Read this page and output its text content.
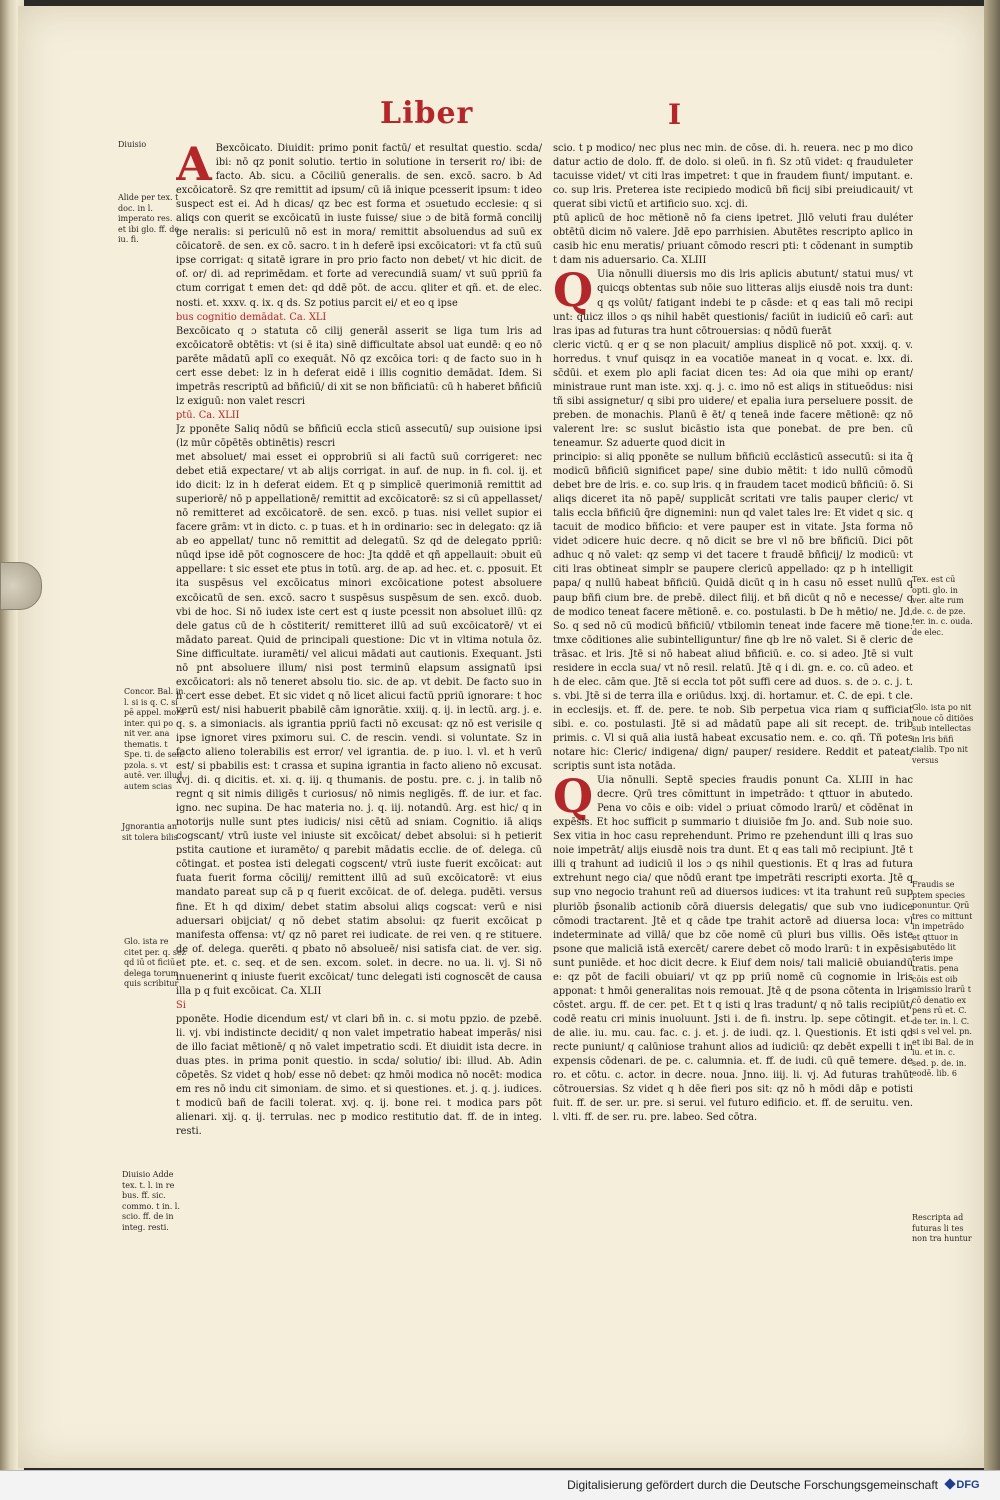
Liber	I
A Bexcōicato. Diuidit: primo ponit factū/ et resultat questio. scda/ ibi: nō qz ponit solutio. tertio in solutione in terserit ro/ ibi: de facto. Ab. sicu. a Cōciliū generalis. de sen. excō. sacro. b Ad excōicatorē. Sz qre remittit ad ipsum/ cū iā inique pcesserit ipsum: t ideo suspect est ei. Ad h dicas/ qz bec est forma et ɔsuetudo ecclesie: q si aliqs con querit se excōicatū in iuste fuisse/ siue ɔ de bitā formā concilij ge neralis: si periculū nō est in mora/ remittit absoluendus ad suū ex cōicatorē. de sen. ex cō. sacro. t in h deferē ipsi excōicatori: vt fa ctū suū ipse corrigat: q sitatē igrare in pro prio facto non debet/ vt hic dicit. de of. or/ di. ad reprimēdam. et forte ad verecundiā suam/ vt suū ppriū fa ctum corrigat t emen det: qd ddē pōt. de accu. qliter et qñ. et. de elec. nosti. et. xxxv. q. ix. q ds. Sz potius parcit ei/ et eo q ipse
bus cognitio demādat. Ca. XLI
Bexcōicato q ɔ statuta cō cilij generāl asserit se liga tum lris ad excōicatorē obtētis: vt (si ē ita) sinē difficultate absol uat eundē: q eo nō parēte mādatū aplī co exequāt. Nō qz excōica tori: q de facto suo in h cert esse debet: lz in h deferat eidē i illis cognitio demādat. Idem. Si impetrās rescriptū ad bñficiū/ di xit se non bñficiatū: cū h haberet bñficiū lz exiguū: non valet rescri
ptū. Ca. XLII
Jz pponēte Saliq nōdū se bñficiū eccla sticū assecutū/ sup ɔuisione ipsi (lz mūr cōpētēs obtinētis) rescri
met absoluet/ mai esset ei opprobriū si ali factū suū corrigeret: nec debet etiā expectare/ vt ab alijs corrigat. in auf. de nup. in fi. col. ij. et ido dicit: lz in h deferat eidem. Et q p simplicē querimoniā remittit ad superiorē/ nō p appellationē/ remittit ad excōicatorē: sz si cū appellasset/ nō remitteret ad excōicatorē. de sen. excō. p tuas. nisi vellet supior ei facere grām: vt in dicto. c. p tuas. et h in ordinario: sec in delegato: qz iā ab eo appellat/ tunc nō remittit ad delegatū. Sz qd de delegato ppriū: nūqd ipse idē pōt cognoscere de hoc: Jta qddē et qñ appellauit: ɔbuit eū appellare: t sic esset ete ptus in totū. arg. de ap. ad hec. et. c. pposuit. Et ita suspēsus vel excōicatus minori excōicatione potest absoluere excōicatū de sen. excō. sacro t suspēsus suspēsum de sen. excō. duob. vbi de hoc. Si nō iudex iste cert est q iuste pcessit non absoluet illū: qz dele gatus cū de h cōstiterit/ remitteret illū ad suū excōicatorē/ vt ei mādato pareat. Quid de principali questione: Dic vt in vltima notula ōz. Sine difficultate. iuramēti/ vel alicui mādati aut cautionis. Exequant. Jsti nō pnt absoluere illum/ nisi post terminū elapsum assignatū ipsi excōicatori: als nō teneret absolu tio. sic. de ap. vt debit. De facto suo in h cert esse debet. Et sic videt q nō licet alicui factū ppriū ignorare: t hoc verū est/ nisi habuerit pbabilē cām ignorātie. xxiij. q. ij. in lectū. arg. j. e. q. s. a simoniacis. als igrantia ppriū facti nō excusat: qz nō est verisile q ipse ignoret vires pximoru sui. C. de rescin. vendi. si voluntate. Sz in facto alieno tolerabilis est error/ vel igrantia. de. p iuo. l. vl. et h verū est/ si pbabilis est: t crassa et supina igrantia in facto alieno nō excusat. xvj. di. q dicitis. et. xi. q. iij. q thumanis. de postu. pre. c. j. in talib nō regnt q sit nimis diligēs t curiosus/ nō nimis negligēs. ff. de iur. et fac. igno. nec supina. De hac materia no. j. q. iij. notandū. Arg. est hic/ q in notorijs nulle sunt ptes iudicis/ nisi cētū ad sniam. Cognitio. iā aliqs cogscant/ vtrū iuste vel iniuste sit excōicat/ debet absolui: si h petierit pstita cautione et iuramēto/ q parebit mādatis ecclie. de of. delega. cū cōtingat. et postea isti delegati cogscent/ vtrū iuste fuerit excōicat: aut fuata fuerit forma cōcilij/ remittent illū ad suū excōicatorē: vt eius mandato pareat sup cā p q fuerit excōicat. de of. delega. pudēti. versus fine. Et h qd dixim/ debet statim absolui aliqs cogscat: verū e nisi aduersari obijciat/ q nō debet statim absolui: qz fuerit excōicat p manifesta offensa: vt/ qz nō paret rei iudicate. de rei ven. q re stituere. de of. delega. querēti. q pbato nō absolueē/ nisi satisfa ciat. de ver. sig. et pte. et. c. seq. et de sen. excom. solet. in decre. no ua. li. vj. Si nō inuenerint q iniuste fuerit excōicat/ tunc delegati isti cognoscēt de causa illa p q fuit excōicat. Ca. XLII
Si
pponēte. Hodie dicendum est/ vt clari bñ in. c. si motu ppzio. de pzebē. li. vj. vbi indistincte decidit/ q non valet impetratio habeat imperās/ nisi de illo faciat mētionē/ q nō valet impetratio scdi. Et diuidit ista decre. in duas ptes. in prima ponit questio. in scda/ solutio/ ibi: illud. Ab. Adin cōpetēs. Sz videt q hob/ esse nō debet: qz hmōi modica nō nocēt: modica em res nō indu cit simoniam. de simo. et si questiones. et. j. q. j. iudices. t modicū bañ de facili tolerat. xvj. q. ij. bone rei. t modica pars pōt alienari. xij. q. ij. terrulas. nec p modico restitutio dat. ff. de in integ. resti.
scio. t p modico/ nec plus nec min. de cōse. di. h. reuera. nec p mo dico datur actio de dolo. ff. de dolo. si oleū. in fi. Sz ɔtū videt: q frauduleter tacuisse videt/ vt citi lras impetret: t que in fraudem fiunt/ imputant. e. co. sup lris. Preterea iste recipiedo modicū bñ ficij sibi preiudicauit/ vt querat sibi victū et artificio suo. xcj. di.
ptū aplicū de hoc mētionē nō fa ciens ipetret. Jllō veluti frau duléter obtētū dicim nō valere. Jdē epo parrhisien. Abutētes rescripto aplico in casib hic enu meratis/ priuant cōmodo rescri pti: t cōdenant in sumptib t dam nis aduersario. Ca. XLIII
Q Uia nōnulli diuersis mo dis lris aplicis abutunt/ statui mus/ vt quicqs obtentas sub nōie suo litteras alijs eiusdē nois tra dunt: q qs volūt/ fatigant indebi te p cāsde: et q eas tali mō recipi unt: quicz illos ɔ qs nihil habēt questionis/ faciūt in iudiciū eō carī: aut lras ipas ad futuras tra hunt cōtrouersias: q nōdū fuerāt
cleric victū. q er q se non placuit/ amplius displicē nō pot. xxxij. q. v. horredus. t vnuf quisqz in ea vocatiōe maneat in q vocat. e. lxx. di. sc̄dūi. et exem plo apli faciat dicen tes: Ad oia que mihi op erant/ ministraue runt man iste. xxj. q. j. c. imo nō est aliqs in stitueōdus: nisi tñ sibi assignetur/ q sibi pro uidere/ et epalia iura perseluere possit. de preben. de monachis. Planū ē ēt/ q teneā inde facere mētionē: qz nō valerent lre: sc suslut bicāstio ista que ponebat. de pre ben. cū teneamur. Sz aduerte quod dicit in
principio: si aliq pponēte se nullum bñficiū ecclāsticū assecutū: si ita q̄ modicū bñficiū significet pape/ sine dubio mētit: t ido nullū cōmodū debet bre de lris. e. co. sup lris. q in fraudem tacet modicū bñficiū: ō. Si aliqs diceret ita nō papē/ supplicāt scritati vre talis pauper cleric/ vt talis eccla bñficiū q̄re dignemini: nun qd valet tales lre: Et videt q sic. q tacuit de modico bñficio: et vere pauper est in vitate. Jsta forma nō videt ɔdicere huic decre. q nō dicit se bre vl nō bre bñficiū. Dici pōt adhuc q nō valet: qz semp vi det tacere t fraudē bñficij/ lz modicū: vt citi lras obtineat simplr se paupere clericū appellado: qz p h intelligit papa/ q nullū habeat bñficiū. Quidā dicūt q in h casu nō esset nullū q paup bñfi cium bre. de prebē. dilect filij. et bñ dicūt q nō e necesse/ q de modico teneat facere mētionē. e. co. postulasti. b De h mētio/ ne. Jd. So. q sed nō cū modicū bñficiū/ vtbilomin teneat inde facere mē tione: tmxe cōditiones alie subintelliguntur/ fine qb lre nō valet. Si ē cleric de trāsac. et lris. Jtē si nō habeat aliud bñficiū. e. co. si adeo. Jtē si vult residere in eccla sua/ vt nō resil. relatū. Jtē q i di. gn. e. co. cū adeo. et h de elec. cām que. Jtē si eccla tot pōt suffi cere ad duos. s. de ɔ. c. j. t. s. vbi. Jtē si de terra illa e oriūdus. lxxj. di. hortamur. et. C. de epi. t cle. in ecclesijs. et. ff. de. pere. te nob. Sib perpetua vica riam q sufficiat sibi. e. co. postulasti. Jtē si ad mādatū pape ali sit recept. de. trib primis. c. Vl si quā alia iustā habeat excusatio nem. e. co. qñ. Tñ potes notare hic: Cleric/ indigena/ dign/ pauper/ residere. Reddit et pateat/ scriptis sunt ista notāda.
Q Uia nōnulli. Septē species fraudis ponunt Ca. XLIII in hac decre. Qrū tres cōmittunt in impetrādo: t qttuor in abutedo. Pena vo cōis e oib: videl ɔ priuat cōmodo lrarū/ et cōdēnat in expēsis. Et hoc sufficit p summario t diuisiōe fm Jo. and. Sub noie suo. Sex vitia in hoc casu reprehendunt. Primo re pzehendunt illi q lras suo noie impetrāt/ alijs eiusdē nois tra dunt. Et q eas tali mō recipiunt. Jtē t illi q trahunt ad iudiciū il los ɔ qs nihil questionis. Et q lras ad futura extrehunt nego cia/ que nōdū erant tpe impetrāti rescripti exorta. Jtē q sup vno negocio trahunt reū ad diuersos iudices: vt ita trahunt reū sup pluriōb p̄sonalib actionib cōrā diuersis delegatis/ que sub vno iudice cōmodi tractarent. Jtē et q cāde tpe trahit actorē ad diuersa loca: vl indeterminate ad villā/ que bz cōe nomē cū pluri bus villis. Oēs iste psone que maliciā istā exercēt/ carere debet cō modo lrarū: t in expēsis sunt puniēde. et hoc dicit decre. k Eiuf dem nois/ tali maliciē obuiandū e: qz pōt de facili obuiari/ vt qz pp priū nomē cū cognomie in lris apponat: t hmōi generalitas nois remouat. Jtē q de psona cōtenta in lris cōstet. argu. ff. de cer. pet. Et t q isti q lras tradunt/ q nō talis recipiūt/ codē reatu cri minis inuoluunt. Jsti i. de fi. instru. lp. sepe cōtingit. et. de alie. iu. mu. cau. fac. c. j. et. j. de iudi. qz. l. Questionis. Et isti qd recte puniunt/ q calūniose trahunt alios ad iudiciū: qz debēt expelli t in expensis cōdenari. de pe. c. calumnia. et. ff. de iudi. cū quē temere. de ro. et cōtu. c. actor. in decre. noua. Jnno. iiij. li. vj. Ad futuras trahūt cōtrouersias. Sz videt q h dēe fieri pos sit: qz nō h mōdi dāp e potisti fuit. ff. de ser. ur. pre. si serui. vel futuro edificio. et. ff. de seruitu. ven. l. vlti. ff. de ser. ru. pre. labeo. Sed cōtra.
Diuisio
Alide per tex. t doc. in l. imperato res. et ibi glo. ff. de iu. fi.
Concor. Bal. in. l. si is q. C. si pē appel. mors inter. qui po nit ver. ana thematis. t Spe. ti. de sen. pzola. s. vt autē. ver. illud autem scias
Jgnorantia an sit tolera bilis
Glo. ista re citet per. q. sez qd iū ot ficiū delega torum quis scribitur
Diuisio Adde tex. t. l. in re bus. ff. sic. commo. t in. l. scio. ff. de in integ. resti.
Tex. est cū opti. glo. in ver. alte rum de. c. de pze. ter. in. c. ouda. de elec.
Glo. ista po nit noue cō ditiões sub intellectas in lris bñfi cialib. Tpo nit versus
Fraudis se ptem species ponuntur. Qrū tres co mittunt in impetrādo et qttuor in abutēdo lit teris impe tratis. pena cōis est oib amissio lrarū t cō denatio ex pens rū et. C. de ter. in. l. C. si s vel vel. pn. et ibi Bal. de in iu. et in. c. sed. p. de. in. eodē. lib. 6
Rescripta ad futuras li tes non tra huntur
Digitalisierung gefördert durch die Deutsche Forschungsgemeinschaft	DFG
